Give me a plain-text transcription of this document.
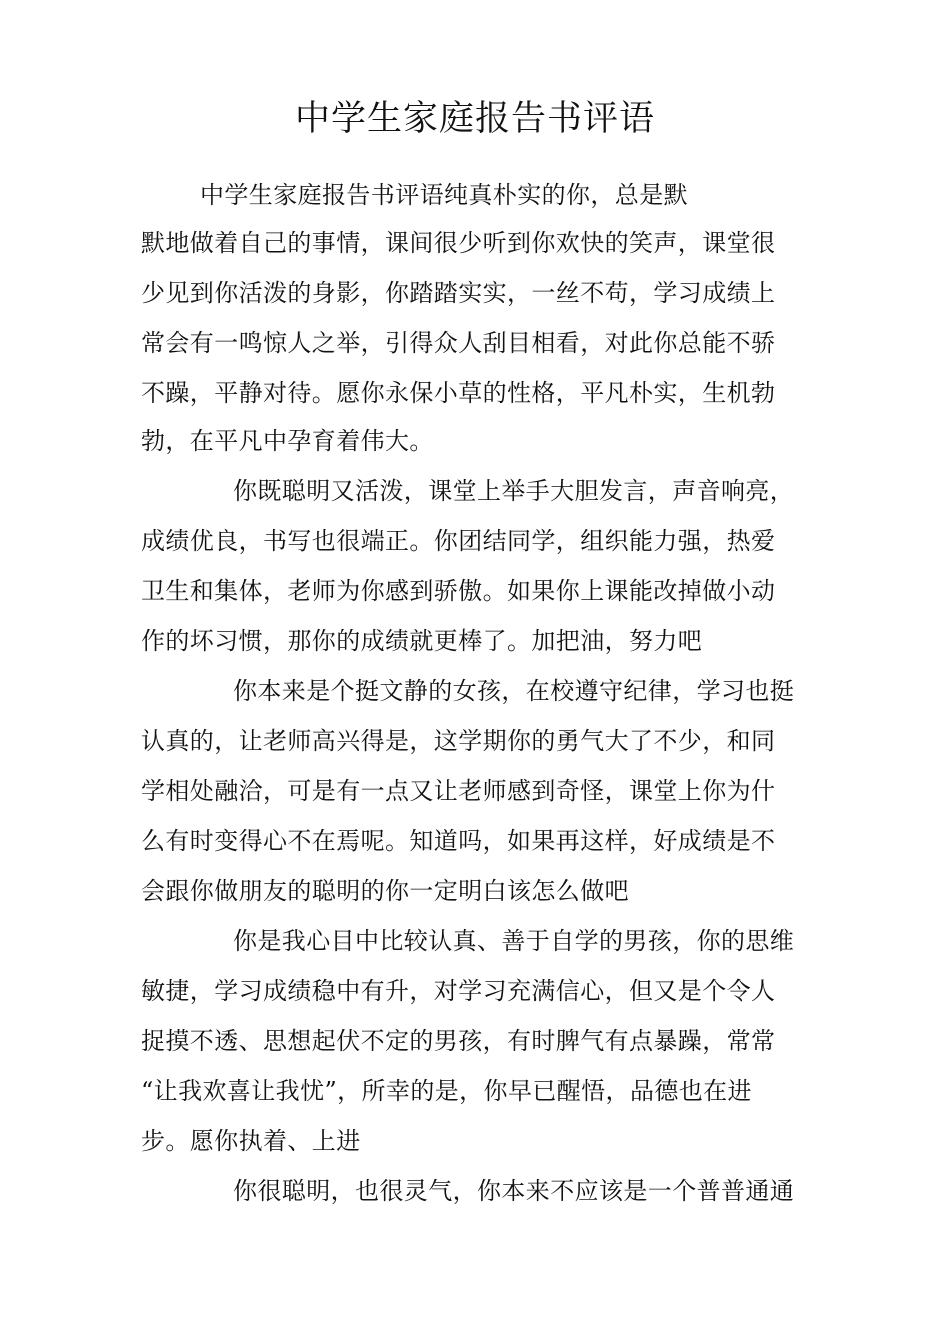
中学生家庭报告书评语
中学生家庭报告书评语纯真朴实的你，总是默
默地做着自己的事情，课间很少听到你欢快的笑声，课堂很
少见到你活泼的身影，你踏踏实实，一丝不苟，学习成绩上
常会有一鸣惊人之举，引得众人刮目相看，对此你总能不骄
不躁，平静对待。愿你永保小草的性格，平凡朴实，生机勃
勃，在平凡中孕育着伟大。
你既聪明又活泼，课堂上举手大胆发言，声音响亮，
成绩优良，书写也很端正。你团结同学，组织能力强，热爱
卫生和集体，老师为你感到骄傲。如果你上课能改掉做小动
作的坏习惯，那你的成绩就更棒了。加把油，努力吧
你本来是个挺文静的女孩，在校遵守纪律，学习也挺
认真的，让老师高兴得是，这学期你的勇气大了不少，和同
学相处融洽，可是有一点又让老师感到奇怪，课堂上你为什
么有时变得心不在焉呢。知道吗，如果再这样，好成绩是不
会跟你做朋友的聪明的你一定明白该怎么做吧
你是我心目中比较认真、善于自学的男孩，你的思维
敏捷，学习成绩稳中有升，对学习充满信心，但又是个令人
捉摸不透、思想起伏不定的男孩，有时脾气有点暴躁，常常
“让我欢喜让我忧”，所幸的是，你早已醒悟，品德也在进
步。愿你执着、上进
你很聪明，也很灵气，你本来不应该是一个普普通通
